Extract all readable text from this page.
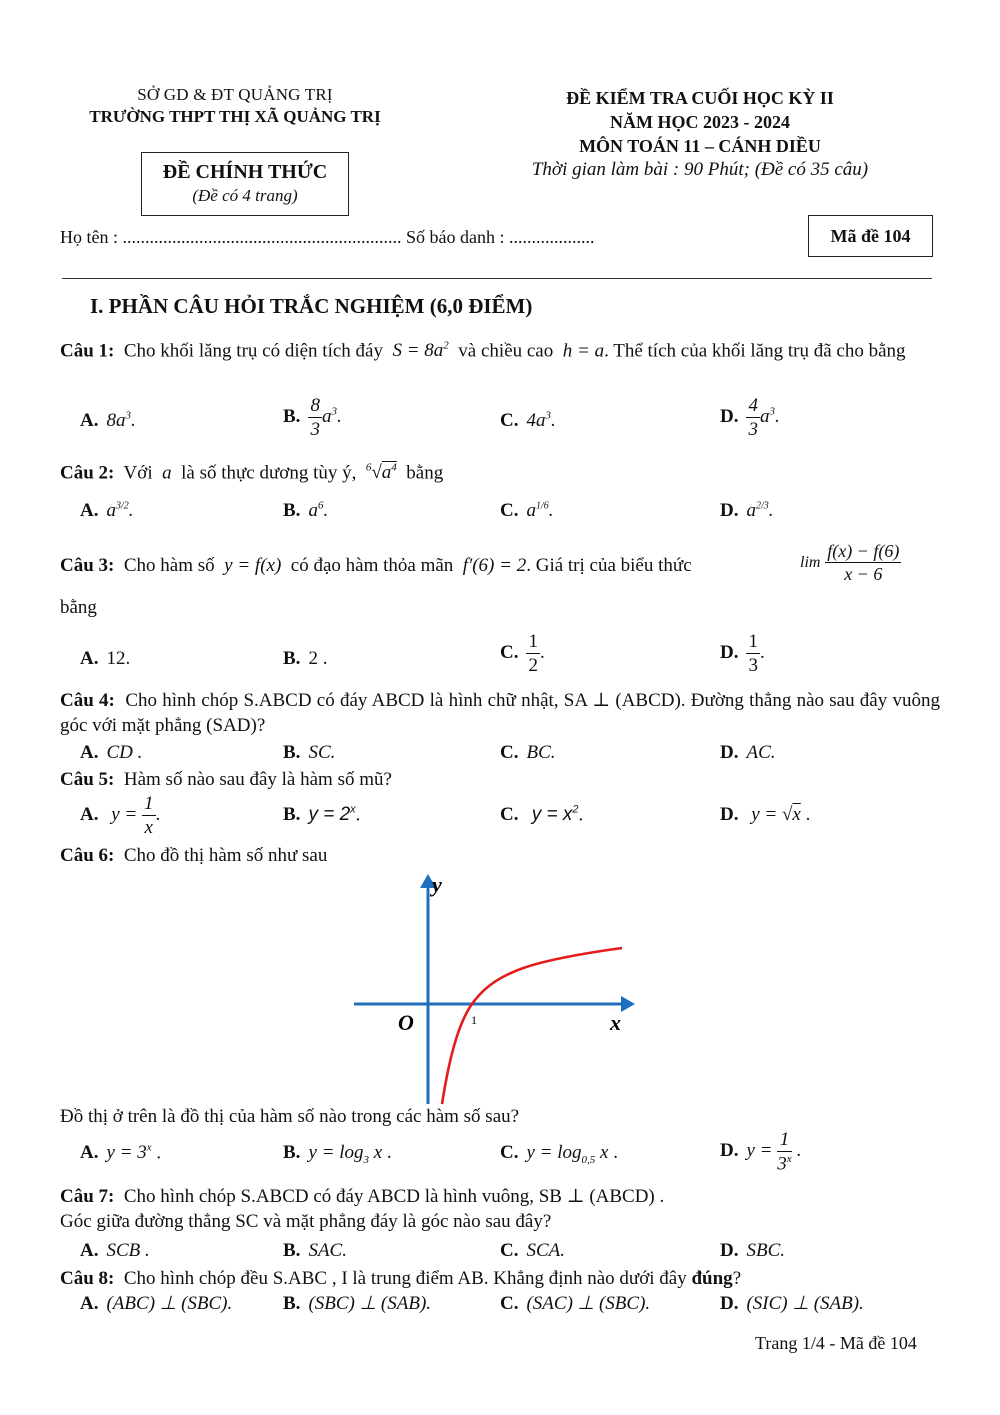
SỞ GD & ĐT QUẢNG TRỊ
TRƯỜNG THPT THỊ XÃ QUẢNG TRỊ
ĐỀ KIỂM TRA CUỐI HỌC KỲ II
NĂM HỌC 2023 - 2024
MÔN TOÁN 11 – CÁNH DIỀU
Thời gian làm bài : 90 Phút; (Đề có 35 câu)
ĐỀ CHÍNH THỨC
(Đề có 4 trang)
Họ tên : .............................................................. Số báo danh : ...................	Mã đề 104
I. PHẦN CÂU HỎI TRẮC NGHIỆM (6,0 ĐIỂM)
Câu 1: Cho khối lăng trụ có diện tích đáy  $S = 8a^2$ và chiều cao  h = a. Thể tích của khối lăng trụ đã cho bằng
A. $8a^3$.	B. $\frac{8}{3} a^3$.	C. $4a^3$.	D. $\frac{4}{3} a^3$.
Câu 2: Với  a  là số thực dương tùy ý, $^6√a^4$ bằng
A. $a^{3/2}$.	B. $a^6$.	C. $a^{1/6}$.	D. $a^{2/3}$.
Câu 3: Cho hàm số  y = f(x)  có đạo hàm thỏa mãn  f′(6) = 2. Giá trị của biểu thức	$\lim \frac{f(x) - f(6)}{x - 6}$
bằng
A. 12.	B. 2 .	C. $\frac{1}{2}$ .	D. $\frac{1}{3}$ .
Câu 4: Cho hình chóp S.ABCD có đáy ABCD là hình chữ nhật, SA ⊥ (ABCD). Đường thẳng nào sau đây vuông góc với mặt phẳng (SAD)?
A. CD .	B. SC.	C. BC.	D. AC.
Câu 5: Hàm số nào sau đây là hàm số mũ?
A. $y = \frac{1}{x}$ .	B. $y = 2^x$.	C. $y = x^2$.	D. y = √x .
Câu 6: Cho đồ thị hàm số như sau
y
x
O	1
Đồ thị ở trên là đồ thị của hàm số nào trong các hàm số sau?
A. $y = 3^x$ .	B. $y = \log_3 x$ .	C. $y = \log_{0,5} x$ .	D. $y = \frac{1}{3^x}$ .
Câu 7: Cho hình chóp S.ABCD có đáy ABCD là hình vuông, SB ⊥ (ABCD) .
Góc giữa đường thẳng SC và mặt phẳng đáy là góc nào sau đây?
A. SCB .	B. SAC.	C. SCA.	D. SBC.
Câu 8: Cho hình chóp đều S.ABC , I là trung điểm AB. Khẳng định nào dưới đây đúng?
A. (ABC) ⊥ (SBC).	B. (SBC) ⊥ (SAB).	C. (SAC) ⊥ (SBC).	D. (SIC) ⊥ (SAB).
Trang 1/4 - Mã đề 104
